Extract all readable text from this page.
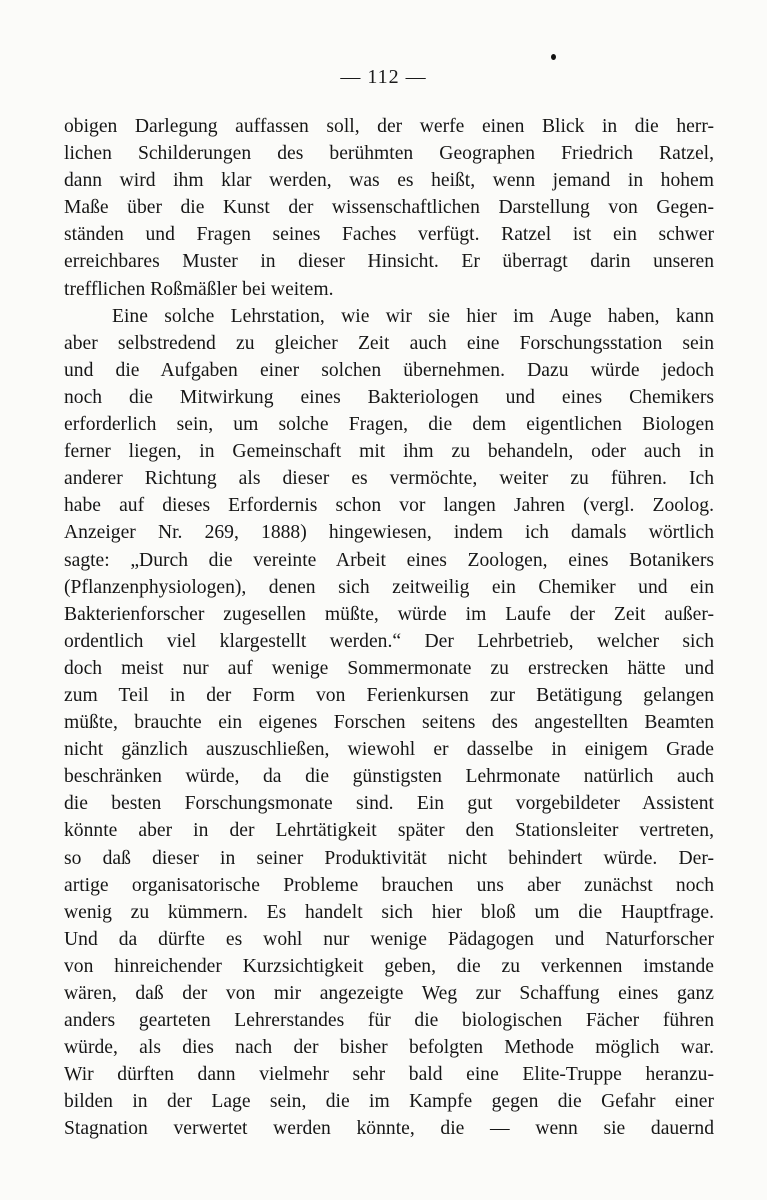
— 112 —
obigen Darlegung auffassen soll, der werfe einen Blick in die herr-
lichen Schilderungen des berühmten Geographen Friedrich Ratzel,
dann wird ihm klar werden, was es heißt, wenn jemand in hohem
Maße über die Kunst der wissenschaftlichen Darstellung von Gegen-
ständen und Fragen seines Faches verfügt. Ratzel ist ein schwer
erreichbares Muster in dieser Hinsicht. Er überragt darin unseren
trefflichen Roßmäßler bei weitem.
Eine solche Lehrstation, wie wir sie hier im Auge haben, kann
aber selbstredend zu gleicher Zeit auch eine Forschungsstation sein
und die Aufgaben einer solchen übernehmen. Dazu würde jedoch
noch die Mitwirkung eines Bakteriologen und eines Chemikers
erforderlich sein, um solche Fragen, die dem eigentlichen Biologen
ferner liegen, in Gemeinschaft mit ihm zu behandeln, oder auch in
anderer Richtung als dieser es vermöchte, weiter zu führen. Ich
habe auf dieses Erfordernis schon vor langen Jahren (vergl. Zoolog.
Anzeiger Nr. 269, 1888) hingewiesen, indem ich damals wörtlich
sagte: „Durch die vereinte Arbeit eines Zoologen, eines Botanikers
(Pflanzenphysiologen), denen sich zeitweilig ein Chemiker und ein
Bakterienforscher zugesellen müßte, würde im Laufe der Zeit außer-
ordentlich viel klargestellt werden.“ Der Lehrbetrieb, welcher sich
doch meist nur auf wenige Sommermonate zu erstrecken hätte und
zum Teil in der Form von Ferienkursen zur Betätigung gelangen
müßte, brauchte ein eigenes Forschen seitens des angestellten Beamten
nicht gänzlich auszuschließen, wiewohl er dasselbe in einigem Grade
beschränken würde, da die günstigsten Lehrmonate natürlich auch
die besten Forschungsmonate sind. Ein gut vorgebildeter Assistent
könnte aber in der Lehrtätigkeit später den Stationsleiter vertreten,
so daß dieser in seiner Produktivität nicht behindert würde. Der-
artige organisatorische Probleme brauchen uns aber zunächst noch
wenig zu kümmern. Es handelt sich hier bloß um die Hauptfrage.
Und da dürfte es wohl nur wenige Pädagogen und Naturforscher
von hinreichender Kurzsichtigkeit geben, die zu verkennen imstande
wären, daß der von mir angezeigte Weg zur Schaffung eines ganz
anders gearteten Lehrerstandes für die biologischen Fächer führen
würde, als dies nach der bisher befolgten Methode möglich war.
Wir dürften dann vielmehr sehr bald eine Elite-Truppe heranzu-
bilden in der Lage sein, die im Kampfe gegen die Gefahr einer
Stagnation verwertet werden könnte, die — wenn sie dauernd
